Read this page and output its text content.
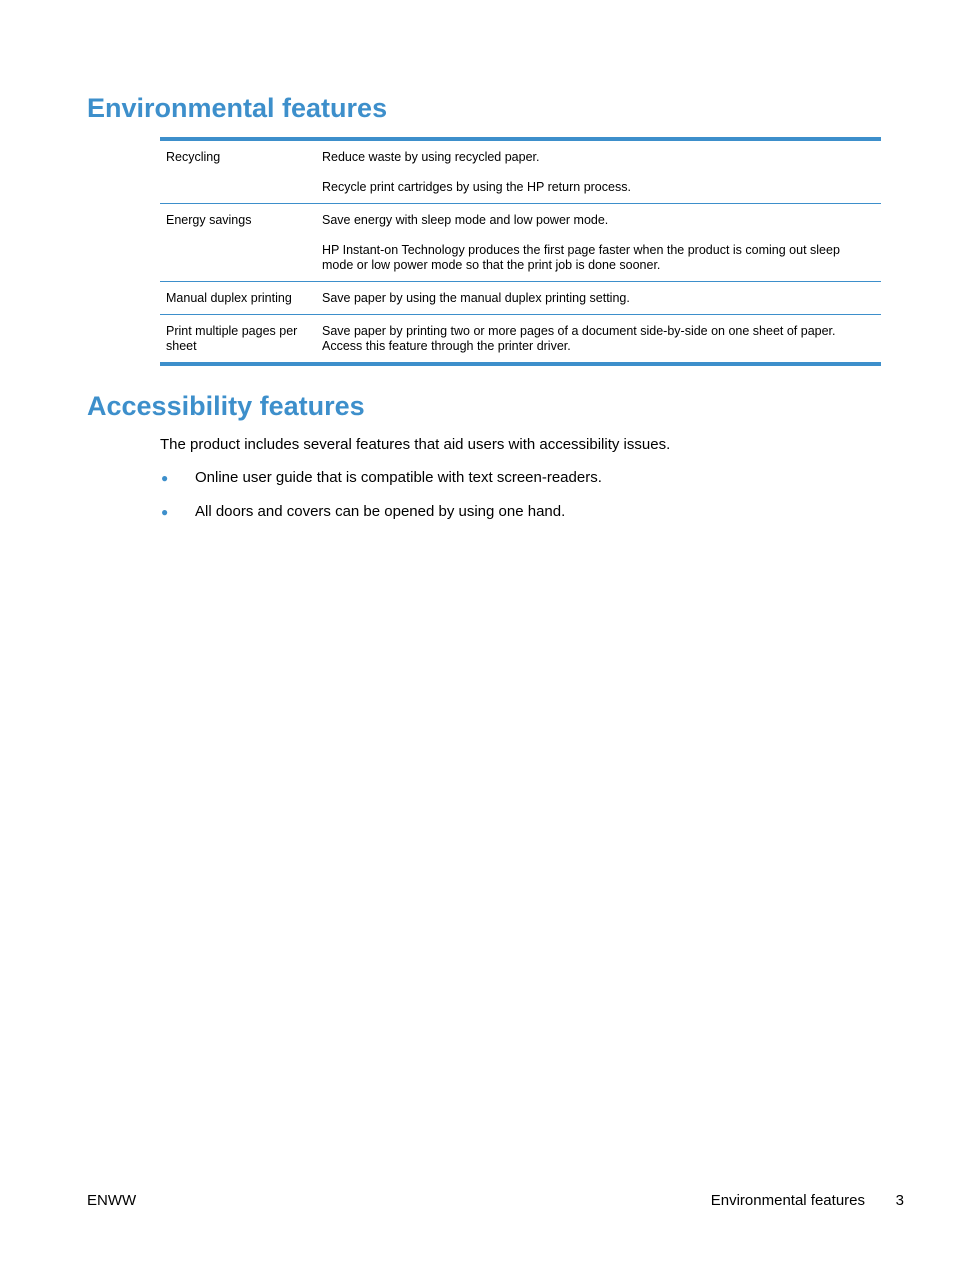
Environmental features
Recycling	Reduce waste by using recycled paper.

Recycle print cartridges by using the HP return process.

Energy savings	Save energy with sleep mode and low power mode.

HP Instant-on Technology produces the first page faster when the product is coming out sleep mode or low power mode so that the print job is done sooner.

Manual duplex printing	Save paper by using the manual duplex printing setting.

Print multiple pages per sheet	Save paper by printing two or more pages of a document side-by-side on one sheet of paper. Access this feature through the printer driver.

Accessibility features

The product includes several features that aid users with accessibility issues.

● Online user guide that is compatible with text screen-readers.
● All doors and covers can be opened by using one hand.
ENWW	Environmental features 3
